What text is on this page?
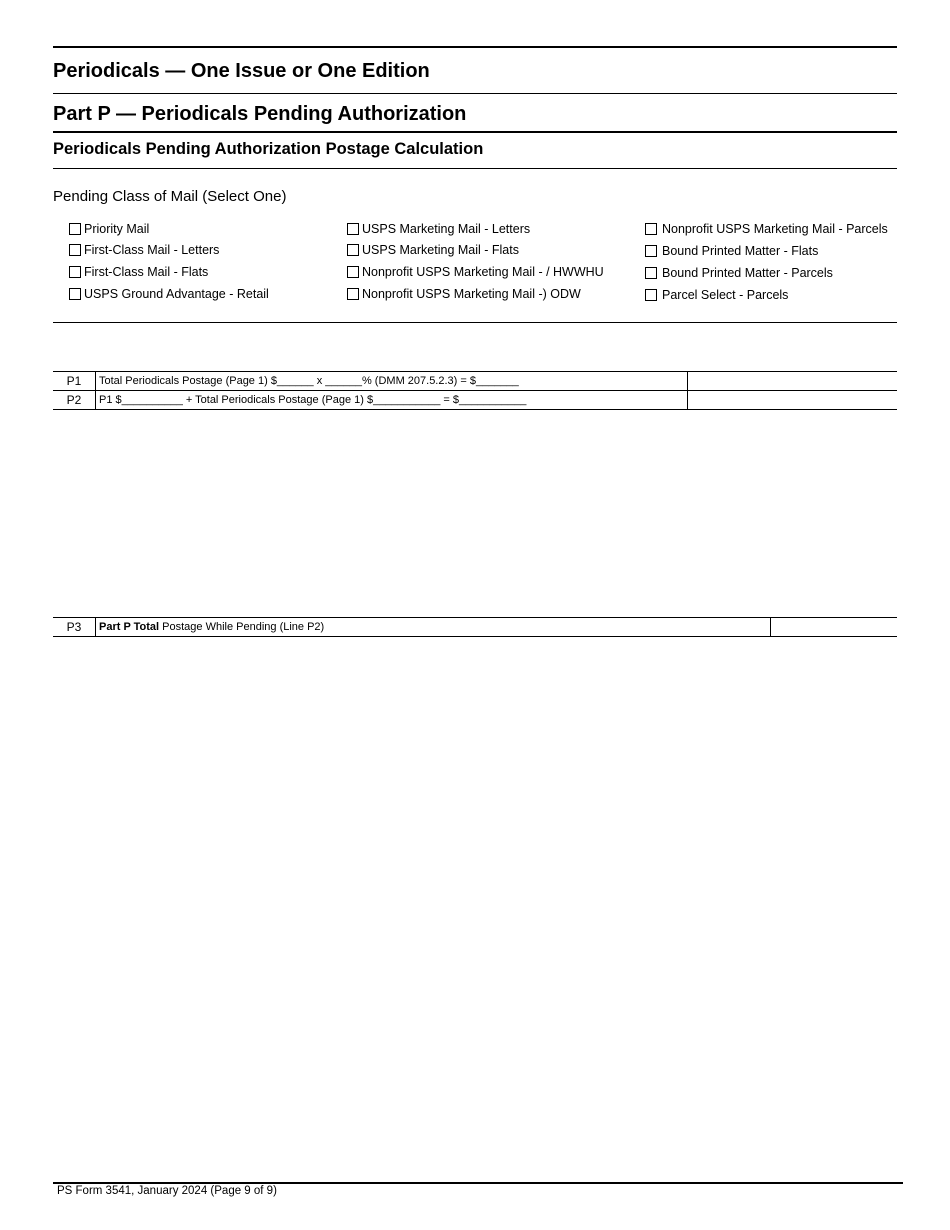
Periodicals — One Issue or One Edition
Part P — Periodicals Pending Authorization
Periodicals Pending Authorization Postage Calculation
Pending Class of Mail (Select One)
Priority Mail
First-Class Mail - Letters
First-Class Mail - Flats
USPS Ground Advantage - Retail
USPS Marketing Mail - Letters
USPS Marketing Mail - Flats
Nonprofit USPS Marketing Mail - / HWWHU
Nonprofit USPS Marketing Mail -) ODW
Nonprofit USPS Marketing Mail - Parcels
Bound Printed Matter - Flats
Bound Printed Matter - Parcels
Parcel Select - Parcels
P1	Total Periodicals Postage (Page 1) $______ x ______% (DMM 207.5.2.3) = $_______	
P2	P1 $__________ + Total Periodicals Postage (Page 1) $___________ = $___________	
P3	Part P Total Postage While Pending (Line P2)	
PS Form 3541, January 2024 (Page 9 of 9)
